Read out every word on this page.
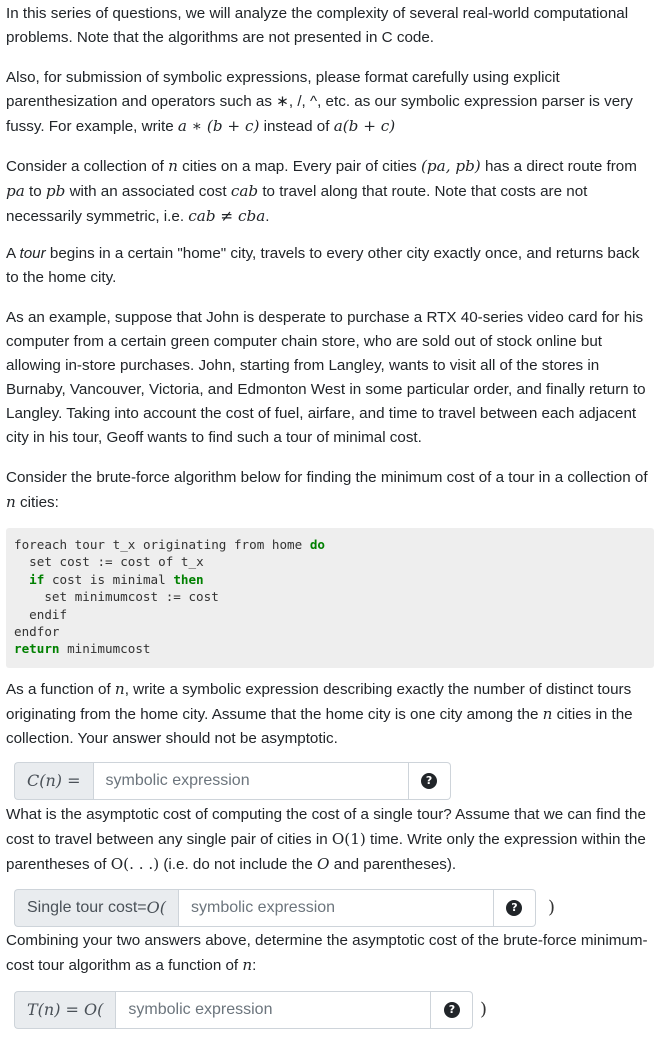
In this series of questions, we will analyze the complexity of several real-world computational problems. Note that the algorithms are not presented in C code.

Also, for submission of symbolic expressions, please format carefully using explicit parenthesization and operators such as ∗, /, ^, etc. as our symbolic expression parser is very fussy. For example, write a ∗ (b + c) instead of a(b + c)

Consider a collection of n cities on a map. Every pair of cities (pa, pb) has a direct route from pa to pb with an associated cost cab to travel along that route. Note that costs are not necessarily symmetric, i.e. cab ≠ cba.

A tour begins in a certain "home" city, travels to every other city exactly once, and returns back to the home city.

As an example, suppose that John is desperate to purchase a RTX 40-series video card for his computer from a certain green computer chain store, who are sold out of stock online but allowing in-store purchases. John, starting from Langley, wants to visit all of the stores in Burnaby, Vancouver, Victoria, and Edmonton West in some particular order, and finally return to Langley. Taking into account the cost of fuel, airfare, and time to travel between each adjacent city in his tour, Geoff wants to find such a tour of minimal cost.

Consider the brute-force algorithm below for finding the minimum cost of a tour in a collection of n cities:

foreach tour t_x originating from home do
set cost := cost of t_x
if cost is minimal then
set minimumcost := cost
endif
endfor
return minimumcost

As a function of n, write a symbolic expression describing exactly the number of distinct tours originating from the home city. Assume that the home city is one city among the n cities in the collection. Your answer should not be asymptotic.

C(n) =	symbolic expression	?

What is the asymptotic cost of computing the cost of a single tour? Assume that we can find the cost to travel between any single pair of cities in O(1) time. Write only the expression within the parentheses of O(. . .) (i.e. do not include the O and parentheses).

Single tour cost= O(	symbolic expression	? )

Combining your two answers above, determine the asymptotic cost of the brute-force minimum-cost tour algorithm as a function of n:

T(n) = O(	symbolic expression	? )
